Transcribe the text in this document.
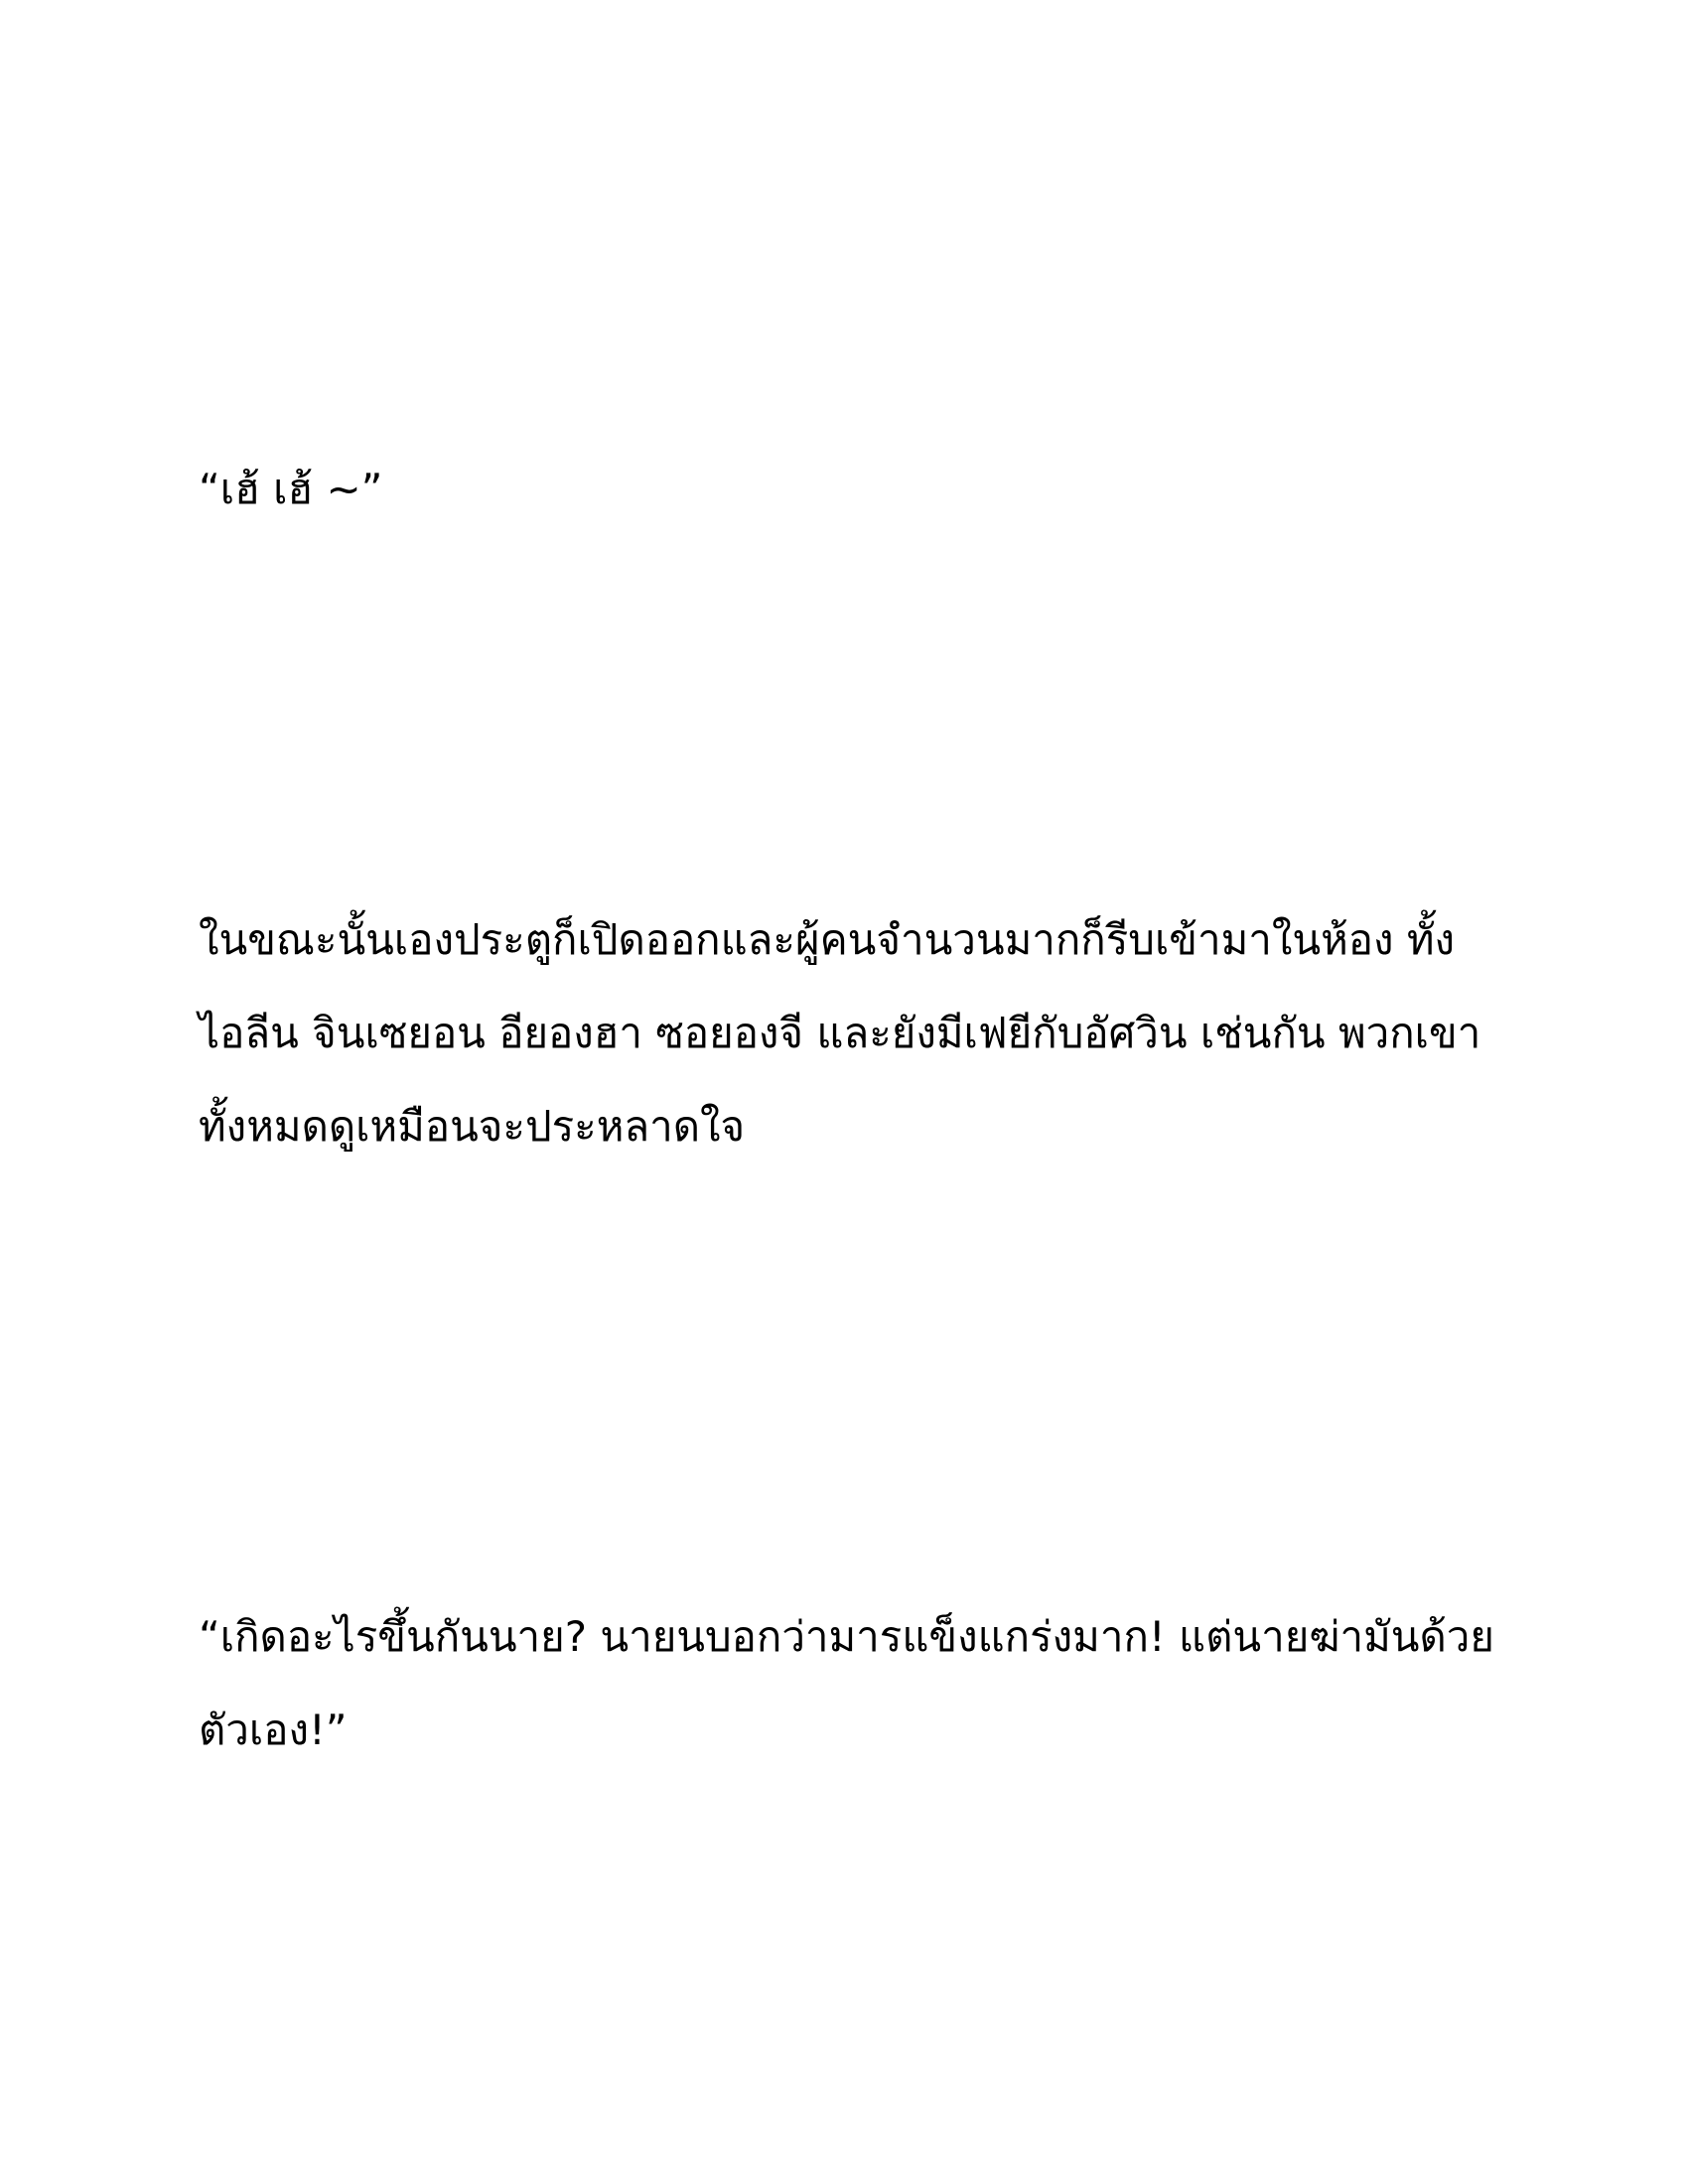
“เฮ้ เฮ้ ~”
ในขณะนั้นเองประตูก็เปิดออกและผู้คนจำนวนมากก็รีบเข้ามาในห้อง ทั้ง
ไอลีน จินเซยอน อียองฮา ซอยองจี และยังมีเฟยีกับอัศวิน เช่นกัน พวกเขา
ทั้งหมดดูเหมือนจะประหลาดใจ
“เกิดอะไรขึ้นกันนาย? นายนบอกว่ามารแข็งแกร่งมาก! แต่นายฆ่ามันด้วย
ตัวเอง!”
